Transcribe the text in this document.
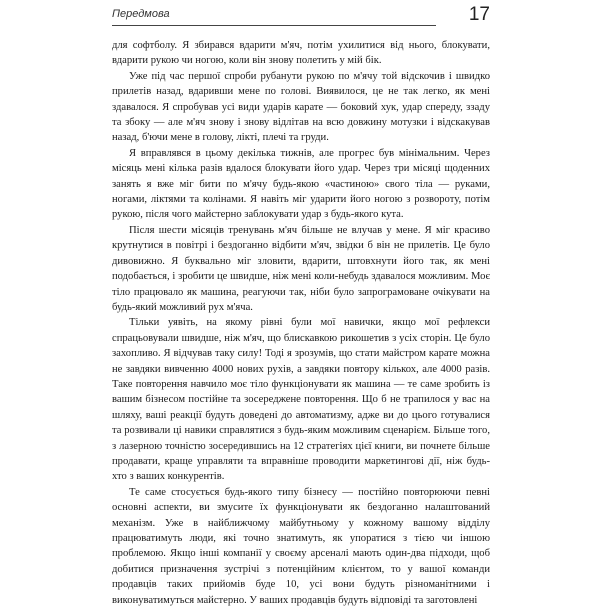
Передмова	17

для софтболу. Я збирався вдарити м'яч, потім ухилитися від нього, блокувати, вдарити рукою чи ногою, коли він знову полетить у мій бік.

Уже під час першої спроби рубанути рукою по м'ячу той відскочив і швидко прилетів назад, вдаривши мене по голові. Виявилося, це не так легко, як мені здавалося. Я спробував усі види ударів карате — боковий хук, удар спереду, ззаду та збоку — але м'яч знову і знову відлітав на всю довжину мотузки і відскакував назад, б'ючи мене в голову, лікті, плечі та груди.

Я вправлявся в цьому декілька тижнів, але прогрес був мінімальним. Через місяць мені кілька разів вдалося блокувати його удар. Через три місяці щоденних занять я вже міг бити по м'ячу будь-якою «частиною» свого тіла — руками, ногами, ліктями та колінами. Я навіть міг ударити його ногою з розвороту, потім рукою, після чого майстерно заблокувати удар з будь-якого кута.

Після шести місяців тренувань м'яч більше не влучав у мене. Я міг красиво крутнутися в повітрі і бездоганно відбити м'яч, звідки б він не прилетів. Це було дивовижно. Я буквально міг зловити, вдарити, штовхнути його так, як мені подобається, і зробити це швидше, ніж мені коли-небудь здавалося можливим. Моє тіло працювало як машина, реагуючи так, ніби було запрограмоване очікувати на будь-який можливий рух м'яча.

Тільки уявіть, на якому рівні були мої навички, якщо мої рефлекси спрацьовували швидше, ніж м'яч, що блискавкою рикошетив з усіх сторін. Це було захопливо. Я відчував таку силу! Тоді я зрозумів, що стати майстром карате можна не завдяки вивченню 4000 нових рухів, а завдяки повтору кількох, але 4000 разів. Таке повторення навчило моє тіло функціонувати як машина — те саме зробить із вашим бізнесом постійне та зосереджене повторення. Що б не трапилося у вас на шляху, ваші реакції будуть доведені до автоматизму, адже ви до цього готувалися та розвивали ці навики справлятися з будь-яким можливим сценарієм. Більше того, з лазерною точністю зосередившись на 12 стратегіях цієї книги, ви почнете більше продавати, краще управляти та вправніше проводити маркетингові дії, ніж будь-хто з ваших конкурентів.

Те саме стосується будь-якого типу бізнесу — постійно повторюючи певні основні аспекти, ви змусите їх функціонувати як бездоганно налаштований механізм. Уже в найближчому майбутньому у кожному вашому відділу працюватимуть люди, які точно знатимуть, як упоратися з тією чи іншою проблемою. Якщо інші компанії у своєму арсеналі мають один-два підходи, щоб добитися призначення зустрічі з потенційним клієнтом, то у вашої команди продавців таких прийомів буде 10, усі вони будуть різноманітними і виконуватимуться майстерно. У ваших продавців будуть відповіді та заготовлені
